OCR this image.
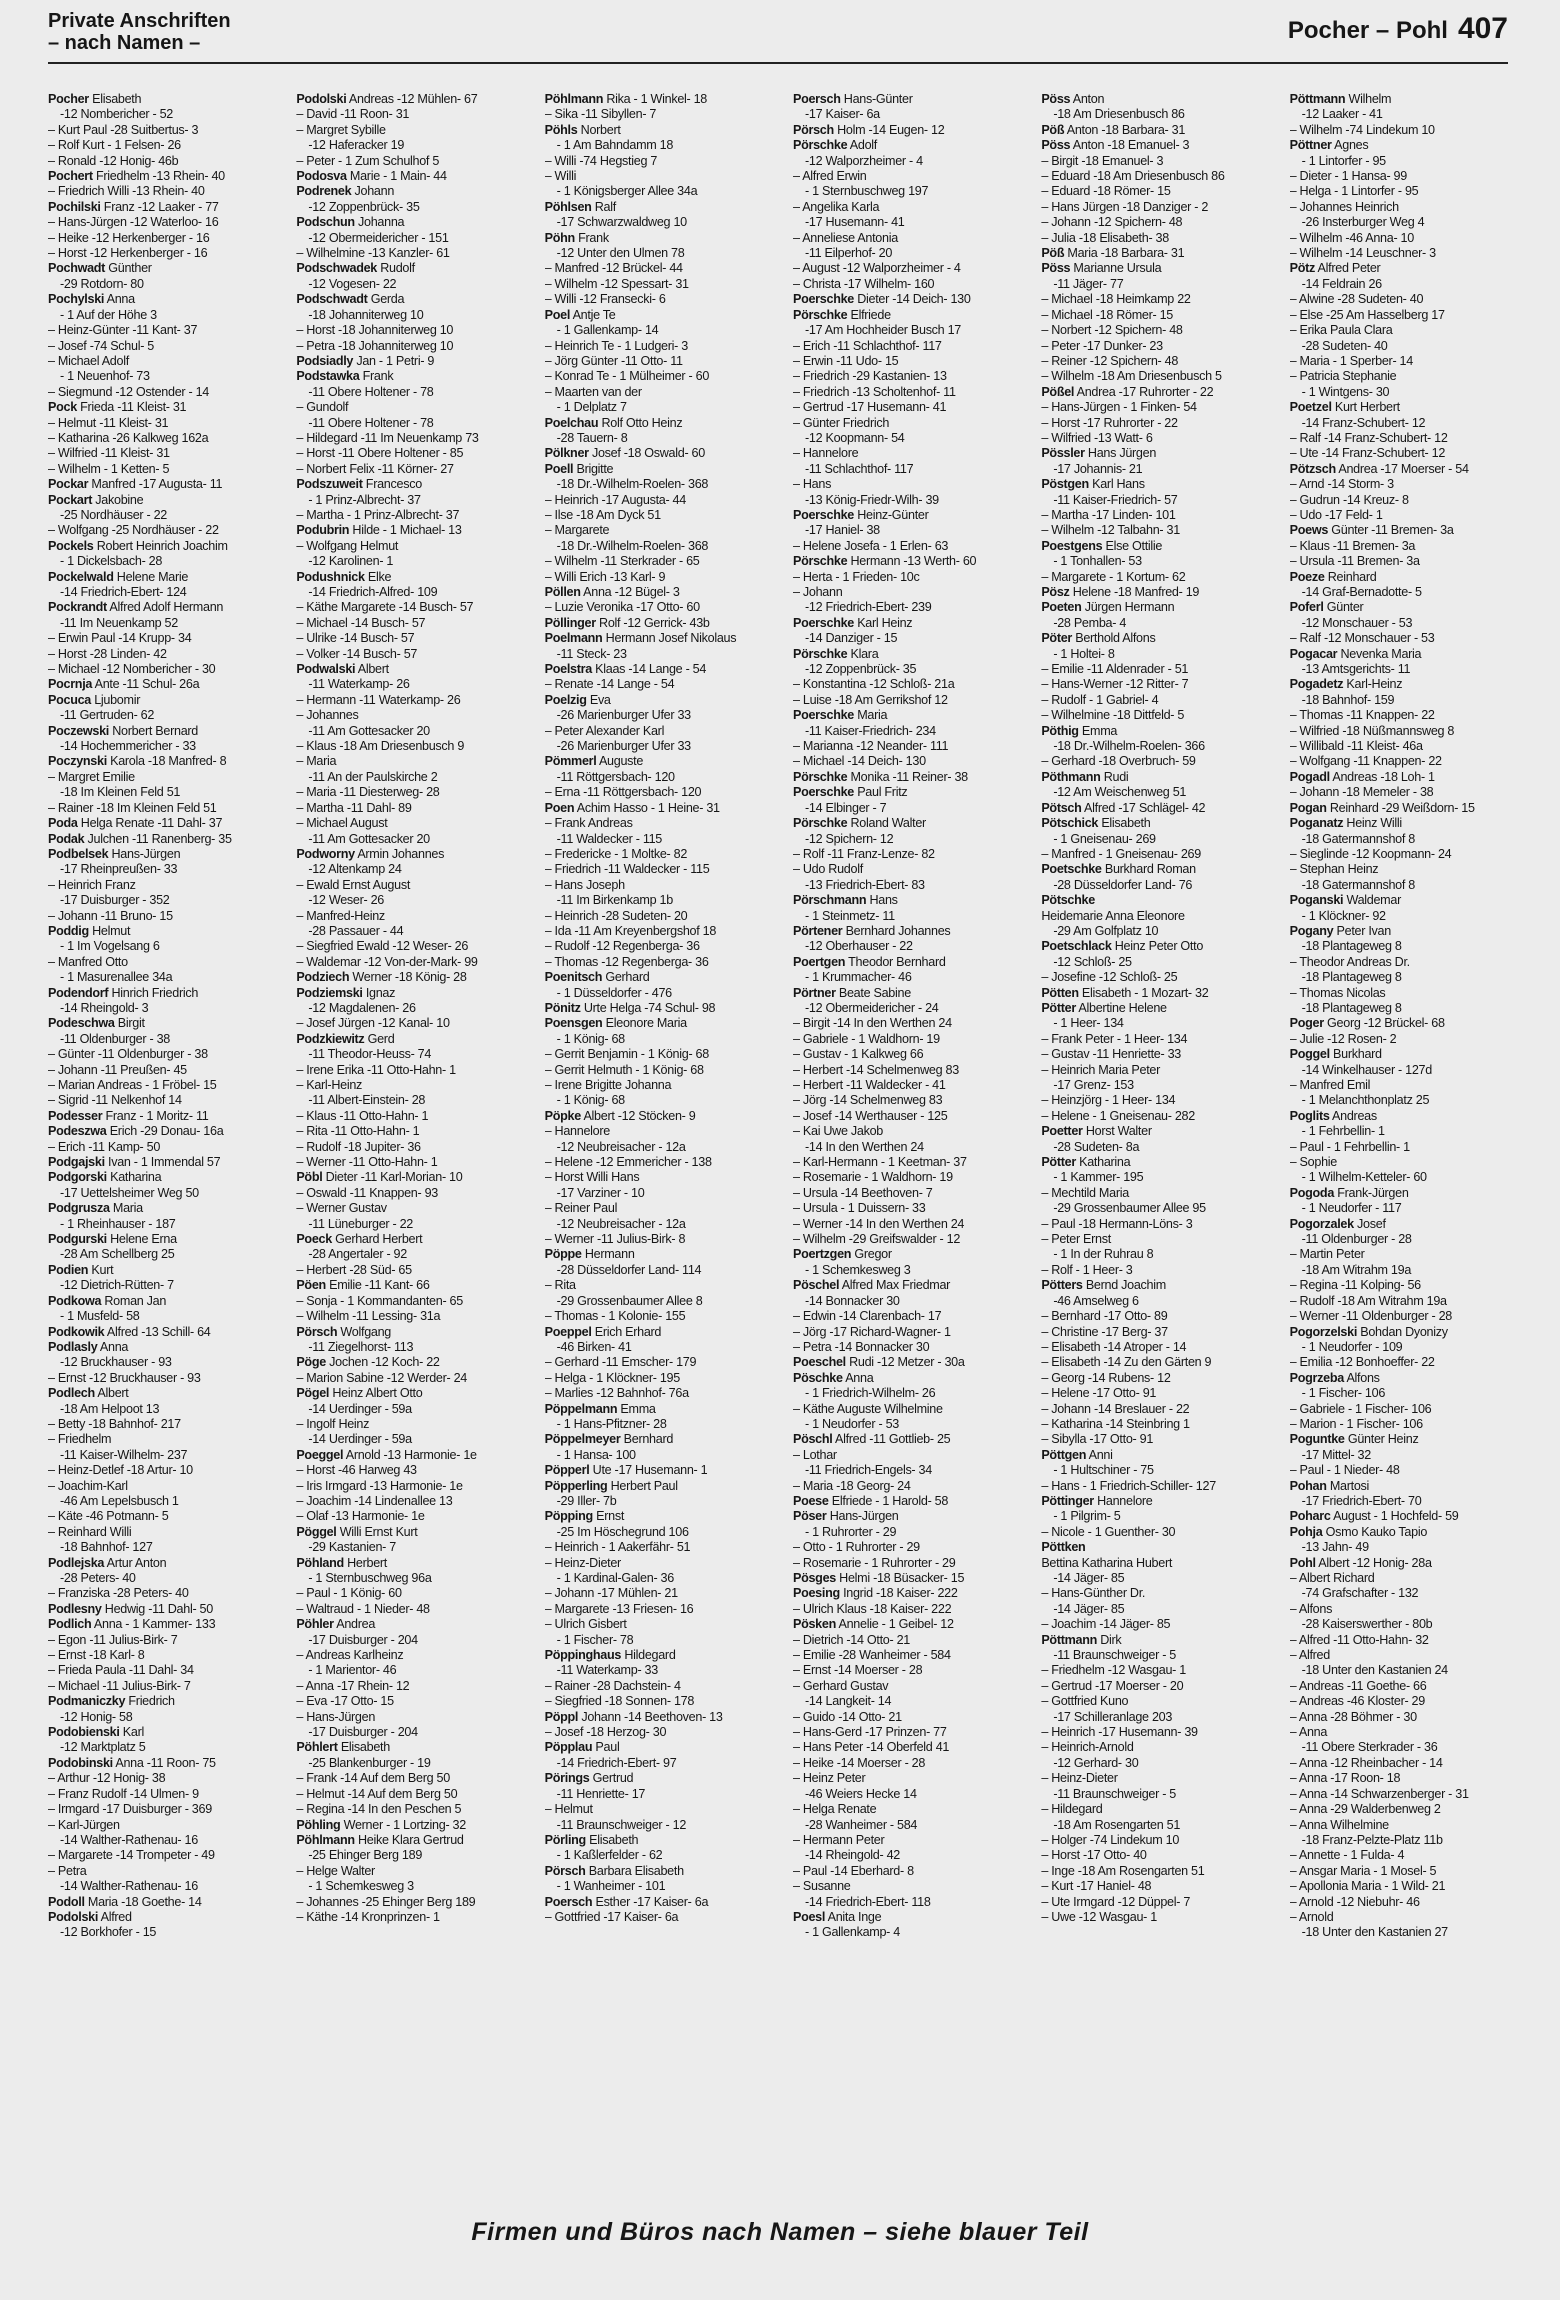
Private Anschriften
– nach Namen –	Pocher – Pohl 407
Pocher Elisabeth
-12 Nombericher - 52
– Kurt Paul -28 Suitbertus- 3
– Rolf Kurt - 1 Felsen- 26
– Ronald -12 Honig- 46b
Pochert Friedhelm -13 Rhein- 40
– Friedrich Willi -13 Rhein- 40
Pochilski Franz -12 Laaker - 77
– Hans-Jürgen -12 Waterloo- 16
– Heike -12 Herkenberger - 16
– Horst -12 Herkenberger - 16
Pochwadt Günther
-29 Rotdorn- 80
Pochylski Anna
- 1 Auf der Höhe 3
– Heinz-Günter -11 Kant- 37
– Josef -74 Schul- 5
– Michael Adolf
- 1 Neuenhof- 73
– Siegmund -12 Ostender - 14
Pock Frieda -11 Kleist- 31
– Helmut -11 Kleist- 31
– Katharina -26 Kalkweg 162a
– Wilfried -11 Kleist- 31
– Wilhelm - 1 Ketten- 5
Pockar Manfred -17 Augusta- 11
Pockart Jakobine
-25 Nordhäuser - 22
– Wolfgang -25 Nordhäuser - 22
Pockels Robert Heinrich Joachim
- 1 Dickelsbach- 28
Pockelwald Helene Marie
-14 Friedrich-Ebert- 124
Pockrandt Alfred Adolf Hermann
-11 Im Neuenkamp 52
– Erwin Paul -14 Krupp- 34
– Horst -28 Linden- 42
– Michael -12 Nombericher - 30
Pocrnja Ante -11 Schul- 26a
Pocuca Ljubomir
-11 Gertruden- 62
Poczewski Norbert Bernard
-14 Hochemmericher - 33
Poczynski Karola -18 Manfred- 8
– Margret Emilie
-18 Im Kleinen Feld 51
– Rainer -18 Im Kleinen Feld 51
Poda Helga Renate -11 Dahl- 37
Podak Julchen -11 Ranenberg- 35
Podbelsek Hans-Jürgen
-17 Rheinpreußen- 33
– Heinrich Franz
-17 Duisburger - 352
– Johann -11 Bruno- 15
Poddig Helmut
- 1 Im Vogelsang 6
– Manfred Otto
- 1 Masurenallee 34a
Podendorf Hinrich Friedrich
-14 Rheingold- 3
Podeschwa Birgit
-11 Oldenburger - 38
– Günter -11 Oldenburger - 38
– Johann -11 Preußen- 45
– Marian Andreas - 1 Fröbel- 15
– Sigrid -11 Nelkenhof 14
Podesser Franz - 1 Moritz- 11
Podeszwa Erich -29 Donau- 16a
– Erich -11 Kamp- 50
Podgajski Ivan - 1 Immendal 57
Podgorski Katharina
-17 Uettelsheimer Weg 50
Podgrusza Maria
- 1 Rheinhauser - 187
Podgurski Helene Erna
-28 Am Schellberg 25
Podien Kurt
-12 Dietrich-Rütten- 7
Podkowa Roman Jan
- 1 Musfeld- 58
Podkowik Alfred -13 Schill- 64
Podlasly Anna
-12 Bruckhauser - 93
– Ernst -12 Bruckhauser - 93
Podlech Albert
-18 Am Helpoot 13
– Betty -18 Bahnhof- 217
– Friedhelm
-11 Kaiser-Wilhelm- 237
– Heinz-Detlef -18 Artur- 10
– Joachim-Karl
-46 Am Lepelsbusch 1
– Käte -46 Potmann- 5
– Reinhard Willi
-18 Bahnhof- 127
Podlejska Artur Anton
-28 Peters- 40
– Franziska -28 Peters- 40
Podlesny Hedwig -11 Dahl- 50
Podlich Anna - 1 Kammer- 133
– Egon -11 Julius-Birk- 7
– Ernst -18 Karl- 8
– Frieda Paula -11 Dahl- 34
– Michael -11 Julius-Birk- 7
Podmaniczky Friedrich
-12 Honig- 58
Podobienski Karl
-12 Marktplatz 5
Podobinski Anna -11 Roon- 75
– Arthur -12 Honig- 38
– Franz Rudolf -14 Ulmen- 9
– Irmgard -17 Duisburger - 369
– Karl-Jürgen
-14 Walther-Rathenau- 16
– Margarete -14 Trompeter - 49
– Petra
-14 Walther-Rathenau- 16
Podoll Maria -18 Goethe- 14
Podolski Alfred
-12 Borkhofer - 15
Podolski Andreas -12 Mühlen- 67
– David -11 Roon- 31
– Margret Sybille
-12 Haferacker 19
– Peter - 1 Zum Schulhof 5
Podosva Marie - 1 Main- 44
Podrenek Johann
-12 Zoppenbrück- 35
Podschun Johanna
-12 Obermeidericher - 151
– Wilhelmine -13 Kanzler- 61
Podschwadek Rudolf
-12 Vogesen- 22
Podschwadt Gerda
-18 Johanniterweg 10
– Horst -18 Johanniterweg 10
– Petra -18 Johanniterweg 10
Podsiadly Jan - 1 Petri- 9
Podstawka Frank
-11 Obere Holtener - 78
– Gundolf
-11 Obere Holtener - 78
– Hildegard -11 Im Neuenkamp 73
– Horst -11 Obere Holtener - 85
– Norbert Felix -11 Körner- 27
Podszuweit Francesco
- 1 Prinz-Albrecht- 37
– Martha - 1 Prinz-Albrecht- 37
Podubrin Hilde - 1 Michael- 13
– Wolfgang Helmut
-12 Karolinen- 1
Podushnick Elke
-14 Friedrich-Alfred- 109
– Käthe Margarete -14 Busch- 57
– Michael -14 Busch- 57
– Ulrike -14 Busch- 57
– Volker -14 Busch- 57
Podwalski Albert
-11 Waterkamp- 26
– Hermann -11 Waterkamp- 26
– Johannes
-11 Am Gottesacker 20
– Klaus -18 Am Driesenbusch 9
– Maria
-11 An der Paulskirche 2
– Maria -11 Diesterweg- 28
– Martha -11 Dahl- 89
– Michael August
-11 Am Gottesacker 20
Podworny Armin Johannes
-12 Altenkamp 24
– Ewald Ernst August
-12 Weser- 26
– Manfred-Heinz
-28 Passauer - 44
– Siegfried Ewald -12 Weser- 26
– Waldemar -12 Von-der-Mark- 99
Podziech Werner -18 König- 28
Podziemski Ignaz
-12 Magdalenen- 26
– Josef Jürgen -12 Kanal- 10
Podzkiewitz Gerd
-11 Theodor-Heuss- 74
– Irene Erika -11 Otto-Hahn- 1
– Karl-Heinz
-11 Albert-Einstein- 28
– Klaus -11 Otto-Hahn- 1
– Rita -11 Otto-Hahn- 1
– Rudolf -18 Jupiter- 36
– Werner -11 Otto-Hahn- 1
Pöbl Dieter -11 Karl-Morian- 10
– Oswald -11 Knappen- 93
– Werner Gustav
-11 Lüneburger - 22
Poeck Gerhard Herbert
-28 Angertaler - 92
– Herbert -28 Süd- 65
Pöen Emilie -11 Kant- 66
– Sonja - 1 Kommandanten- 65
– Wilhelm -11 Lessing- 31a
Pörsch Wolfgang
-11 Ziegelhorst- 113
Pöge Jochen -12 Koch- 22
– Marion Sabine -12 Werder- 24
Pögel Heinz Albert Otto
-14 Uerdinger - 59a
– Ingolf Heinz
-14 Uerdinger - 59a
Poeggel Arnold -13 Harmonie- 1e
– Horst -46 Harweg 43
– Iris Irmgard -13 Harmonie- 1e
– Joachim -14 Lindenallee 13
– Olaf -13 Harmonie- 1e
Pöggel Willi Ernst Kurt
-29 Kastanien- 7
Pöhland Herbert
- 1 Sternbuschweg 96a
– Paul - 1 König- 60
– Waltraud - 1 Nieder- 48
Pöhler Andrea
-17 Duisburger - 204
– Andreas Karlheinz
- 1 Marientor- 46
– Anna -17 Rhein- 12
– Eva -17 Otto- 15
– Hans-Jürgen
-17 Duisburger - 204
Pöhlert Elisabeth
-25 Blankenburger - 19
– Frank -14 Auf dem Berg 50
– Helmut -14 Auf dem Berg 50
– Regina -14 In den Peschen 5
Pöhling Werner - 1 Lortzing- 32
Pöhlmann Heike Klara Gertrud
-25 Ehinger Berg 189
– Helge Walter
- 1 Schemkesweg 3
– Johannes -25 Ehinger Berg 189
– Käthe -14 Kronprinzen- 1
Pöhlmann Rika - 1 Winkel- 18
– Sika -11 Sibyllen- 7
Pöhls Norbert
- 1 Am Bahndamm 18
– Willi -74 Hegstieg 7
– Willi
- 1 Königsberger Allee 34a
Pöhlsen Ralf
-17 Schwarzwaldweg 10
Pöhn Frank
-12 Unter den Ulmen 78
– Manfred -12 Brückel- 44
– Wilhelm -12 Spessart- 31
– Willi -12 Fransecki- 6
Poel Antje Te
- 1 Gallenkamp- 14
– Heinrich Te - 1 Ludgeri- 3
– Jörg Günter -11 Otto- 11
– Konrad Te - 1 Mülheimer - 60
– Maarten van der
- 1 Delplatz 7
Poelchau Rolf Otto Heinz
-28 Tauern- 8
Pölkner Josef -18 Oswald- 60
Poell Brigitte
-18 Dr.-Wilhelm-Roelen- 368
– Heinrich -17 Augusta- 44
– Ilse -18 Am Dyck 51
– Margarete
-18 Dr.-Wilhelm-Roelen- 368
– Wilhelm -11 Sterkrader - 65
– Willi Erich -13 Karl- 9
Pöllen Anna -12 Bügel- 3
– Luzie Veronika -17 Otto- 60
Pöllinger Rolf -12 Gerrick- 43b
Poelmann Hermann Josef Nikolaus
-11 Steck- 23
Poelstra Klaas -14 Lange - 54
– Renate -14 Lange - 54
Poelzig Eva
-26 Marienburger Ufer 33
– Peter Alexander Karl
-26 Marienburger Ufer 33
Pömmerl Auguste
-11 Röttgersbach- 120
– Erna -11 Röttgersbach- 120
Poen Achim Hasso - 1 Heine- 31
– Frank Andreas
-11 Waldecker - 115
– Fredericke - 1 Moltke- 82
– Friedrich -11 Waldecker - 115
– Hans Joseph
-11 Im Birkenkamp 1b
– Heinrich -28 Sudeten- 20
– Ida -11 Am Kreyenbergshof 18
– Rudolf -12 Regenberga- 36
– Thomas -12 Regenberga- 36
Poenitsch Gerhard
- 1 Düsseldorfer - 476
Pönitz Urte Helga -74 Schul- 98
Poensgen Eleonore Maria
- 1 König- 68
– Gerrit Benjamin - 1 König- 68
– Gerrit Helmuth - 1 König- 68
– Irene Brigitte Johanna
- 1 König- 68
Pöpke Albert -12 Stöcken- 9
– Hannelore
-12 Neubreisacher - 12a
– Helene -12 Emmericher - 138
– Horst Willi Hans
-17 Varziner - 10
– Reiner Paul
-12 Neubreisacher - 12a
– Werner -11 Julius-Birk- 8
Pöppe Hermann
-28 Düsseldorfer Land- 114
– Rita
-29 Grossenbaumer Allee 8
– Thomas - 1 Kolonie- 155
Poeppel Erich Erhard
-46 Birken- 41
– Gerhard -11 Emscher- 179
– Helga - 1 Klöckner- 195
– Marlies -12 Bahnhof- 76a
Pöppelmann Emma
- 1 Hans-Pfitzner- 28
Pöppelmeyer Bernhard
- 1 Hansa- 100
Pöpperl Ute -17 Husemann- 1
Pöpperling Herbert Paul
-29 Iller- 7b
Pöpping Ernst
-25 Im Höschegrund 106
– Heinrich - 1 Aakerfähr- 51
– Heinz-Dieter
- 1 Kardinal-Galen- 36
– Johann -17 Mühlen- 21
– Margarete -13 Friesen- 16
– Ulrich Gisbert
- 1 Fischer- 78
Pöppinghaus Hildegard
-11 Waterkamp- 33
– Rainer -28 Dachstein- 4
– Siegfried -18 Sonnen- 178
Pöppl Johann -14 Beethoven- 13
– Josef -18 Herzog- 30
Pöpplau Paul
-14 Friedrich-Ebert- 97
Pörings Gertrud
-11 Henriette- 17
– Helmut
-11 Braunschweiger - 12
Pörling Elisabeth
- 1 Kaßlerfelder - 62
Pörsch Barbara Elisabeth
- 1 Wanheimer - 101
Poersch Esther -17 Kaiser- 6a
– Gottfried -17 Kaiser- 6a
Poersch Hans-Günter
-17 Kaiser- 6a
Pörsch Holm -14 Eugen- 12
Pörschke Adolf
-12 Walporzheimer - 4
– Alfred Erwin
- 1 Sternbuschweg 197
– Angelika Karla
-17 Husemann- 41
– Anneliese Antonia
-11 Eilperhof- 20
– August -12 Walporzheimer - 4
– Christa -17 Wilhelm- 160
Poerschke Dieter -14 Deich- 130
Pörschke Elfriede
-17 Am Hochheider Busch 17
– Erich -11 Schlachthof- 117
– Erwin -11 Udo- 15
– Friedrich -29 Kastanien- 13
– Friedrich -13 Scholtenhof- 11
– Gertrud -17 Husemann- 41
– Günter Friedrich
-12 Koopmann- 54
– Hannelore
-11 Schlachthof- 117
– Hans
-13 König-Friedr-Wilh- 39
Poerschke Heinz-Günter
-17 Haniel- 38
– Helene Josefa - 1 Erlen- 63
Pörschke Hermann -13 Werth- 60
– Herta - 1 Frieden- 10c
– Johann
-12 Friedrich-Ebert- 239
Poerschke Karl Heinz
-14 Danziger - 15
Pörschke Klara
-12 Zoppenbrück- 35
– Konstantina -12 Schloß- 21a
– Luise -18 Am Gerrikshof 12
Poerschke Maria
-11 Kaiser-Friedrich- 234
– Marianna -12 Neander- 111
– Michael -14 Deich- 130
Pörschke Monika -11 Reiner- 38
Poerschke Paul Fritz
-14 Elbinger - 7
Pörschke Roland Walter
-12 Spichern- 12
– Rolf -11 Franz-Lenze- 82
– Udo Rudolf
-13 Friedrich-Ebert- 83
Pörschmann Hans
- 1 Steinmetz- 11
Pörtener Bernhard Johannes
-12 Oberhauser - 22
Poertgen Theodor Bernhard
- 1 Krummacher- 46
Pörtner Beate Sabine
-12 Obermeidericher - 24
– Birgit -14 In den Werthen 24
– Gabriele - 1 Waldhorn- 19
– Gustav - 1 Kalkweg 66
– Herbert -14 Schelmenweg 83
– Herbert -11 Waldecker - 41
– Jörg -14 Schelmenweg 83
– Josef -14 Werthauser - 125
– Kai Uwe Jakob
-14 In den Werthen 24
– Karl-Hermann - 1 Keetman- 37
– Rosemarie - 1 Waldhorn- 19
– Ursula -14 Beethoven- 7
– Ursula - 1 Duissern- 33
– Werner -14 In den Werthen 24
– Wilhelm -29 Greifswalder - 12
Poertzgen Gregor
- 1 Schemkesweg 3
Pöschel Alfred Max Friedmar
-14 Bonnacker 30
– Edwin -14 Clarenbach- 17
– Jörg -17 Richard-Wagner- 1
– Petra -14 Bonnacker 30
Poeschel Rudi -12 Metzer - 30a
Pöschke Anna
- 1 Friedrich-Wilhelm- 26
– Käthe Auguste Wilhelmine
- 1 Neudorfer - 53
Pöschl Alfred -11 Gottlieb- 25
– Lothar
-11 Friedrich-Engels- 34
– Maria -18 Georg- 24
Poese Elfriede - 1 Harold- 58
Pöser Hans-Jürgen
- 1 Ruhrorter - 29
– Otto - 1 Ruhrorter - 29
– Rosemarie - 1 Ruhrorter - 29
Pösges Helmi -18 Büsacker- 15
Poesing Ingrid -18 Kaiser- 222
– Ulrich Klaus -18 Kaiser- 222
Pösken Annelie - 1 Geibel- 12
– Dietrich -14 Otto- 21
– Emilie -28 Wanheimer - 584
– Ernst -14 Moerser - 28
– Gerhard Gustav
-14 Langkeit- 14
– Guido -14 Otto- 21
– Hans-Gerd -17 Prinzen- 77
– Hans Peter -14 Oberfeld 41
– Heike -14 Moerser - 28
– Heinz Peter
-46 Weiers Hecke 14
– Helga Renate
-28 Wanheimer - 584
– Hermann Peter
-14 Rheingold- 42
– Paul -14 Eberhard- 8
– Susanne
-14 Friedrich-Ebert- 118
Poesl Anita Inge
- 1 Gallenkamp- 4
Pöss Anton
-18 Am Driesenbusch 86
Pöß Anton -18 Barbara- 31
Pöss Anton -18 Emanuel- 3
– Birgit -18 Emanuel- 3
– Eduard -18 Am Driesenbusch 86
– Eduard -18 Römer- 15
– Hans Jürgen -18 Danziger - 2
– Johann -12 Spichern- 48
– Julia -18 Elisabeth- 38
Pöß Maria -18 Barbara- 31
Pöss Marianne Ursula
-11 Jäger- 77
– Michael -18 Heimkamp 22
– Michael -18 Römer- 15
– Norbert -12 Spichern- 48
– Peter -17 Dunker- 23
– Reiner -12 Spichern- 48
– Wilhelm -18 Am Driesenbusch 5
Pößel Andrea -17 Ruhrorter - 22
– Hans-Jürgen - 1 Finken- 54
– Horst -17 Ruhrorter - 22
– Wilfried -13 Watt- 6
Pössler Hans Jürgen
-17 Johannis- 21
Pöstgen Karl Hans
-11 Kaiser-Friedrich- 57
– Martha -17 Linden- 101
– Wilhelm -12 Talbahn- 31
Poestgens Else Ottilie
- 1 Tonhallen- 53
– Margarete - 1 Kortum- 62
Pösz Helene -18 Manfred- 19
Poeten Jürgen Hermann
-28 Pemba- 4
Pöter Berthold Alfons
- 1 Holtei- 8
– Emilie -11 Aldenrader - 51
– Hans-Werner -12 Ritter- 7
– Rudolf - 1 Gabriel- 4
– Wilhelmine -18 Dittfeld- 5
Pöthig Emma
-18 Dr.-Wilhelm-Roelen- 366
– Gerhard -18 Overbruch- 59
Pöthmann Rudi
-12 Am Weischenweg 51
Pötsch Alfred -17 Schlägel- 42
Pötschick Elisabeth
- 1 Gneisenau- 269
– Manfred - 1 Gneisenau- 269
Poetschke Burkhard Roman
-28 Düsseldorfer Land- 76
Pötschke
Heidemarie Anna Eleonore
-29 Am Golfplatz 10
Poetschlack Heinz Peter Otto
-12 Schloß- 25
– Josefine -12 Schloß- 25
Pötten Elisabeth - 1 Mozart- 32
Pötter Albertine Helene
- 1 Heer- 134
– Frank Peter - 1 Heer- 134
– Gustav -11 Henriette- 33
– Heinrich Maria Peter
-17 Grenz- 153
– Heinzjörg - 1 Heer- 134
– Helene - 1 Gneisenau- 282
Poetter Horst Walter
-28 Sudeten- 8a
Pötter Katharina
- 1 Kammer- 195
– Mechtild Maria
-29 Grossenbaumer Allee 95
– Paul -18 Hermann-Löns- 3
– Peter Ernst
- 1 In der Ruhrau 8
– Rolf - 1 Heer- 3
Pötters Bernd Joachim
-46 Amselweg 6
– Bernhard -17 Otto- 89
– Christine -17 Berg- 37
– Elisabeth -14 Atroper - 14
– Elisabeth -14 Zu den Gärten 9
– Georg -14 Rubens- 12
– Helene -17 Otto- 91
– Johann -14 Breslauer - 22
– Katharina -14 Steinbring 1
– Sibylla -17 Otto- 91
Pöttgen Anni
- 1 Hultschiner - 75
– Hans - 1 Friedrich-Schiller- 127
Pöttinger Hannelore
- 1 Pilgrim- 5
– Nicole - 1 Guenther- 30
Pöttken
Bettina Katharina Hubert
-14 Jäger- 85
– Hans-Günther Dr.
-14 Jäger- 85
– Joachim -14 Jäger- 85
Pöttmann Dirk
-11 Braunschweiger - 5
– Friedhelm -12 Wasgau- 1
– Gertrud -17 Moerser - 20
– Gottfried Kuno
-17 Schilleranlage 203
– Heinrich -17 Husemann- 39
– Heinrich-Arnold
-12 Gerhard- 30
– Heinz-Dieter
-11 Braunschweiger - 5
– Hildegard
-18 Am Rosengarten 51
– Holger -74 Lindekum 10
– Horst -17 Otto- 40
– Inge -18 Am Rosengarten 51
– Kurt -17 Haniel- 48
– Ute Irmgard -12 Düppel- 7
– Uwe -12 Wasgau- 1
Pöttmann Wilhelm
-12 Laaker - 41
– Wilhelm -74 Lindekum 10
Pöttner Agnes
- 1 Lintorfer - 95
– Dieter - 1 Hansa- 99
– Helga - 1 Lintorfer - 95
– Johannes Heinrich
-26 Insterburger Weg 4
– Wilhelm -46 Anna- 10
– Wilhelm -14 Leuschner- 3
Pötz Alfred Peter
-14 Feldrain 26
– Alwine -28 Sudeten- 40
– Else -25 Am Hasselberg 17
– Erika Paula Clara
-28 Sudeten- 40
– Maria - 1 Sperber- 14
– Patricia Stephanie
- 1 Wintgens- 30
Poetzel Kurt Herbert
-14 Franz-Schubert- 12
– Ralf -14 Franz-Schubert- 12
– Ute -14 Franz-Schubert- 12
Pötzsch Andrea -17 Moerser - 54
– Arnd -14 Storm- 3
– Gudrun -14 Kreuz- 8
– Udo -17 Feld- 1
Poews Günter -11 Bremen- 3a
– Klaus -11 Bremen- 3a
– Ursula -11 Bremen- 3a
Poeze Reinhard
-14 Graf-Bernadotte- 5
Poferl Günter
-12 Monschauer - 53
– Ralf -12 Monschauer - 53
Pogacar Nevenka Maria
-13 Amtsgerichts- 11
Pogadetz Karl-Heinz
-18 Bahnhof- 159
– Thomas -11 Knappen- 22
– Wilfried -18 Nüßmannsweg 8
– Willibald -11 Kleist- 46a
– Wolfgang -11 Knappen- 22
Pogadl Andreas -18 Loh- 1
– Johann -18 Memeler - 38
Pogan Reinhard -29 Weißdorn- 15
Poganatz Heinz Willi
-18 Gatermannshof 8
– Sieglinde -12 Koopmann- 24
– Stephan Heinz
-18 Gatermannshof 8
Poganski Waldemar
- 1 Klöckner- 92
Pogany Peter Ivan
-18 Plantageweg 8
– Theodor Andreas Dr.
-18 Plantageweg 8
– Thomas Nicolas
-18 Plantageweg 8
Poger Georg -12 Brückel- 68
– Julie -12 Rosen- 2
Poggel Burkhard
-14 Winkelhauser - 127d
– Manfred Emil
- 1 Melanchthonplatz 25
Poglits Andreas
- 1 Fehrbellin- 1
– Paul - 1 Fehrbellin- 1
– Sophie
- 1 Wilhelm-Ketteler- 60
Pogoda Frank-Jürgen
- 1 Neudorfer - 117
Pogorzalek Josef
-11 Oldenburger - 28
– Martin Peter
-18 Am Witrahm 19a
– Regina -11 Kolping- 56
– Rudolf -18 Am Witrahm 19a
– Werner -11 Oldenburger - 28
Pogorzelski Bohdan Dyonizy
- 1 Neudorfer - 109
– Emilia -12 Bonhoeffer- 22
Pogrzeba Alfons
- 1 Fischer- 106
– Gabriele - 1 Fischer- 106
– Marion - 1 Fischer- 106
Poguntke Günter Heinz
-17 Mittel- 32
– Paul - 1 Nieder- 48
Pohan Martosi
-17 Friedrich-Ebert- 70
Poharc August - 1 Hochfeld- 59
Pohja Osmo Kauko Tapio
-13 Jahn- 49
Pohl Albert -12 Honig- 28a
– Albert Richard
-74 Grafschafter - 132
– Alfons
-28 Kaiserswerther - 80b
– Alfred -11 Otto-Hahn- 32
– Alfred
-18 Unter den Kastanien 24
– Andreas -11 Goethe- 66
– Andreas -46 Kloster- 29
– Anna -28 Böhmer - 30
– Anna
-11 Obere Sterkrader - 36
– Anna -12 Rheinbacher - 14
– Anna -17 Roon- 18
– Anna -14 Schwarzenberger - 31
– Anna -29 Walderbenweg 2
– Anna Wilhelmine
-18 Franz-Pelzte-Platz 11b
– Annette - 1 Fulda- 4
– Ansgar Maria - 1 Mosel- 5
– Apollonia Maria - 1 Wild- 21
– Arnold -12 Niebuhr- 46
– Arnold
-18 Unter den Kastanien 27
Firmen und Büros nach Namen – siehe blauer Teil
